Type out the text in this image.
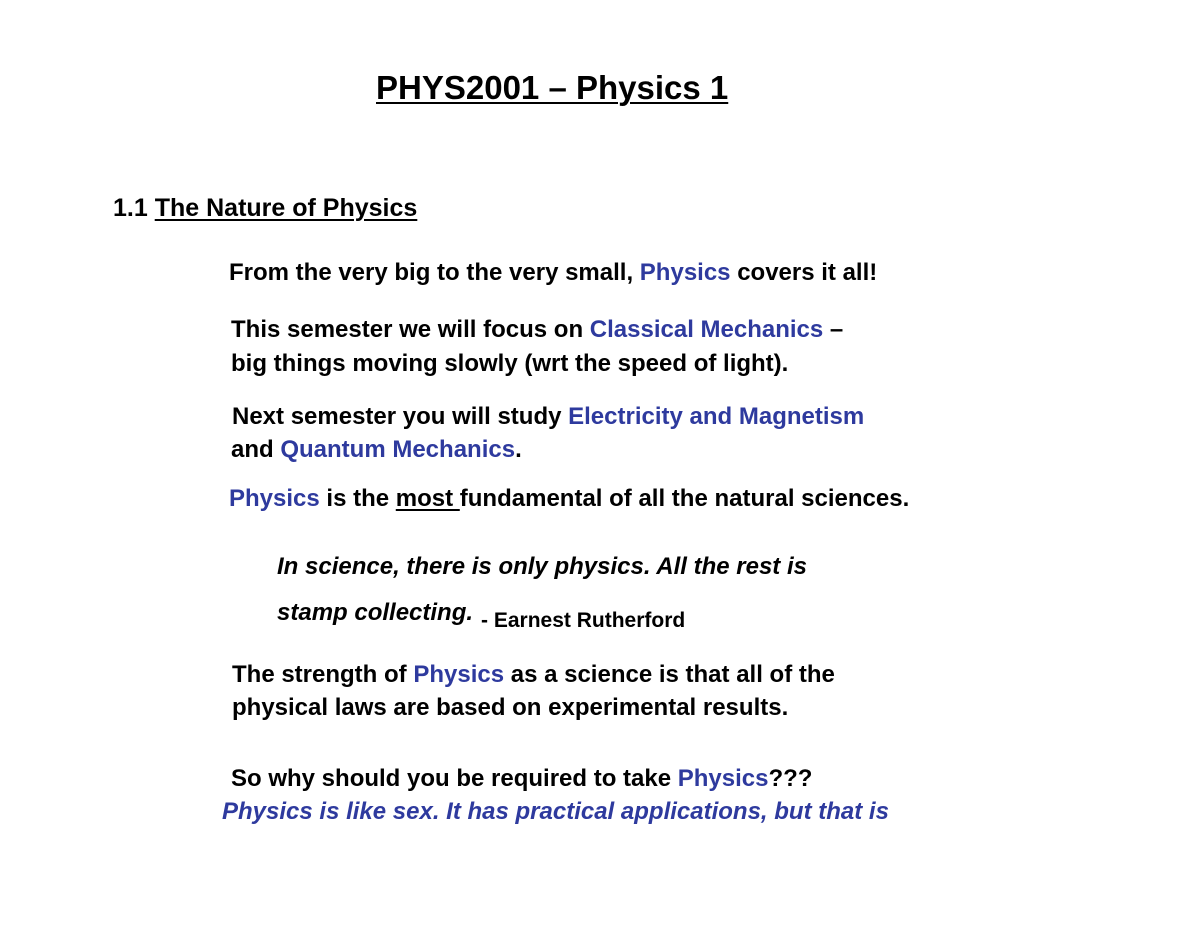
PHYS2001 – Physics 1
1.1 The Nature of Physics
From the very big to the very small, Physics covers it all!
This semester we will focus on Classical Mechanics –
big things moving slowly (wrt the speed of light).
Next semester you will study Electricity and Magnetism
and Quantum Mechanics.
Physics is the most fundamental of all the natural sciences.
In science, there is only physics. All the rest is
stamp collecting. - Earnest Rutherford
The strength of Physics as a science is that all of the
physical laws are based on experimental results.
So why should you be required to take Physics???
Physics is like sex. It has practical applications, but that is
